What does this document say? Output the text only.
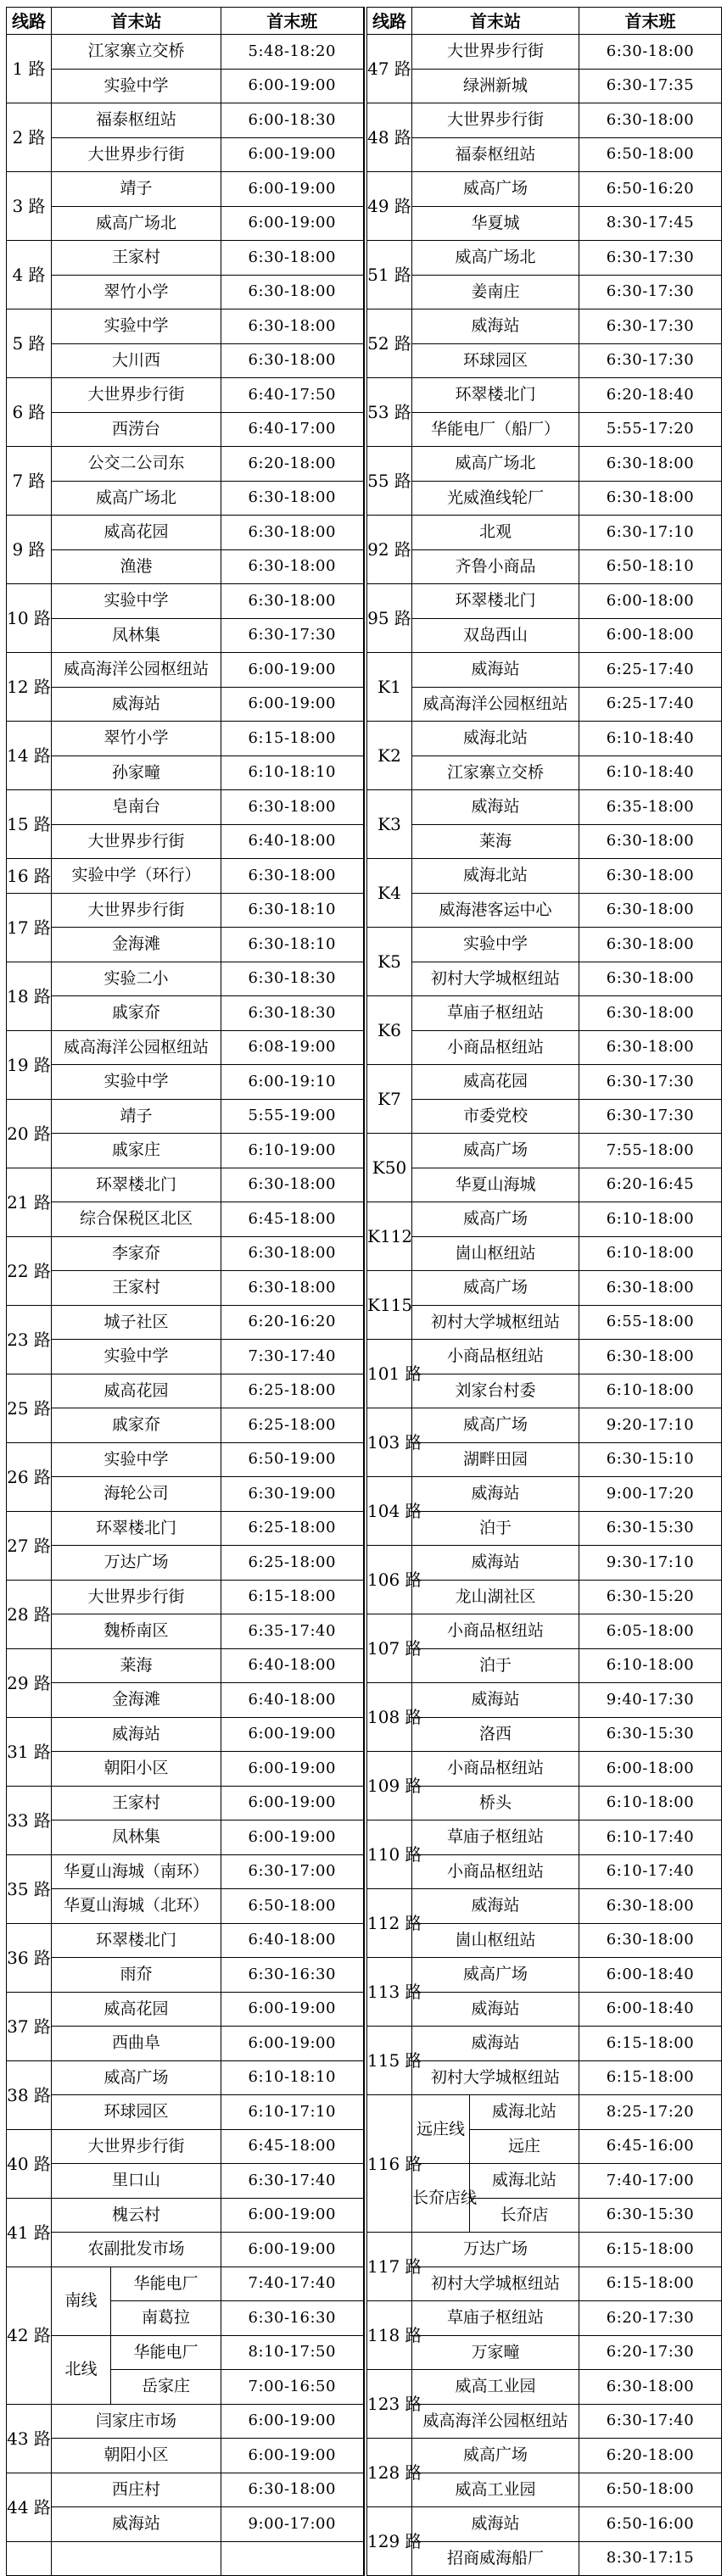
线路	首末站		首末班
1 路	江家寨立交桥		5:48-18:20
	实验中学		6:00-19:00
2 路	福泰枢纽站		6:00-18:30
	大世界步行街		6:00-19:00
3 路	靖子		6:00-19:00
	威高广场北		6:00-19:00
4 路	王家村		6:30-18:00
	翠竹小学		6:30-18:00
5 路	实验中学		6:30-18:00
	大川西		6:30-18:00
6 路	大世界步行街		6:40-17:50
	西涝台		6:40-17:00
7 路	公交二公司东		6:20-18:00
	威高广场北		6:30-18:00
9 路	威高花园		6:30-18:00
	渔港		6:30-18:00
10 路	实验中学		6:30-18:00
	凤林集		6:30-17:30
12 路	威高海洋公园枢纽站		6:00-19:00
	威海站		6:00-19:00
14 路	翠竹小学		6:15-18:00
	孙家疃		6:10-18:10
15 路	皂南台		6:30-18:00
	大世界步行街		6:40-18:00
16 路	实验中学（环行）		6:30-18:00
17 路	大世界步行街		6:30-18:10
	金海滩		6:30-18:10
18 路	实验二小		6:30-18:30
	戚家夼		6:30-18:30
19 路	威高海洋公园枢纽站		6:08-19:00
	实验中学		6:00-19:10
20 路	靖子		5:55-19:00
	戚家庄		6:10-19:00
21 路	环翠楼北门		6:30-18:00
	综合保税区北区		6:45-18:00
22 路	李家夼		6:30-18:00
	王家村		6:30-18:00
23 路	城子社区		6:20-16:20
	实验中学		7:30-17:40
25 路	威高花园		6:25-18:00
	戚家夼		6:25-18:00
26 路	实验中学		6:50-19:00
	海轮公司		6:30-19:00
27 路	环翠楼北门		6:25-18:00
	万达广场		6:25-18:00
28 路	大世界步行街		6:15-18:00
	魏桥南区		6:35-17:40
29 路	莱海		6:40-18:00
	金海滩		6:40-18:00
31 路	威海站		6:00-19:00
	朝阳小区		6:00-19:00
33 路	王家村		6:00-19:00
	凤林集		6:00-19:00
35 路	华夏山海城（南环）		6:30-17:00
	华夏山海城（北环）		6:50-18:00
36 路	环翠楼北门		6:40-18:00
	雨夼		6:30-16:30
37 路	威高花园		6:00-19:00
	西曲阜		6:00-19:00
38 路	威高广场		6:10-18:10
	环球园区		6:10-17:10
40 路	大世界步行街		6:45-18:00
	里口山		6:30-17:40
41 路	槐云村		6:00-19:00
	农副批发市场		6:00-19:00
42 路	南线	华能电厂	7:40-17:40
		南葛拉	6:30-16:30
	北线	华能电厂	8:10-17:50
		岳家庄	7:00-16:50
43 路	闫家庄市场		6:00-19:00
	朝阳小区		6:00-19:00
44 路	西庄村		6:30-18:00
	威海站		9:00-17:00

线路	首末站		首末班
47 路	大世界步行街		6:30-18:00
	绿洲新城		6:30-17:35
48 路	大世界步行街		6:30-18:00
	福泰枢纽站		6:50-18:00
49 路	威高广场		6:50-16:20
	华夏城		8:30-17:45
51 路	威高广场北		6:30-17:30
	姜南庄		6:30-17:30
52 路	威海站		6:30-17:30
	环球园区		6:30-17:30
53 路	环翠楼北门		6:20-18:40
	华能电厂（船厂）		5:55-17:20
55 路	威高广场北		6:30-18:00
	光威渔线轮厂		6:30-18:00
92 路	北观		6:30-17:10
	齐鲁小商品		6:50-18:10
95 路	环翠楼北门		6:00-18:00
	双岛西山		6:00-18:00
K1	威海站		6:25-17:40
	威高海洋公园枢纽站		6:25-17:40
K2	威海北站		6:10-18:40
	江家寨立交桥		6:10-18:40
K3	威海站		6:35-18:00
	莱海		6:30-18:00
K4	威海北站		6:30-18:00
	威海港客运中心		6:30-18:00
K5	实验中学		6:30-18:00
	初村大学城枢纽站		6:30-18:00
K6	草庙子枢纽站		6:30-18:00
	小商品枢纽站		6:30-18:00
K7	威高花园		6:30-17:30
	市委党校		6:30-17:30
K50	威高广场		7:55-18:00
	华夏山海城		6:20-16:45
K112	威高广场		6:10-18:00
	崮山枢纽站		6:10-18:00
K115	威高广场		6:30-18:00
	初村大学城枢纽站		6:55-18:00
101 路	小商品枢纽站		6:30-18:00
	刘家台村委		6:10-18:00
103 路	威高广场		9:20-17:10
	湖畔田园		6:30-15:10
104 路	威海站		9:00-17:20
	泊于		6:30-15:30
106 路	威海站		9:30-17:10
	龙山湖社区		6:30-15:20
107 路	小商品枢纽站		6:05-18:00
	泊于		6:10-18:00
108 路	威海站		9:40-17:30
	洛西		6:30-15:30
109 路	小商品枢纽站		6:00-18:00
	桥头		6:10-18:00
110 路	草庙子枢纽站		6:10-17:40
	小商品枢纽站		6:10-17:40
112 路	威海站		6:30-18:00
	崮山枢纽站		6:30-18:00
113 路	威高广场		6:00-18:40
	威海站		6:00-18:40
115 路	威海站		6:15-18:00
	初村大学城枢纽站		6:15-18:00
116 路	远庄线	威海北站	8:25-17:20
		远庄	6:45-16:00
	长夼店线	威海北站	7:40-17:00
		长夼店	6:30-15:30
117 路	万达广场		6:15-18:00
	初村大学城枢纽站		6:15-18:00
118 路	草庙子枢纽站		6:20-17:30
	万家疃		6:20-17:30
123 路	威高工业园		6:30-18:00
	威高海洋公园枢纽站		6:30-17:40
128 路	威高广场		6:20-18:00
	威高工业园		6:50-18:00
129 路	威海站		6:50-16:00
	招商威海船厂		8:30-17:15
